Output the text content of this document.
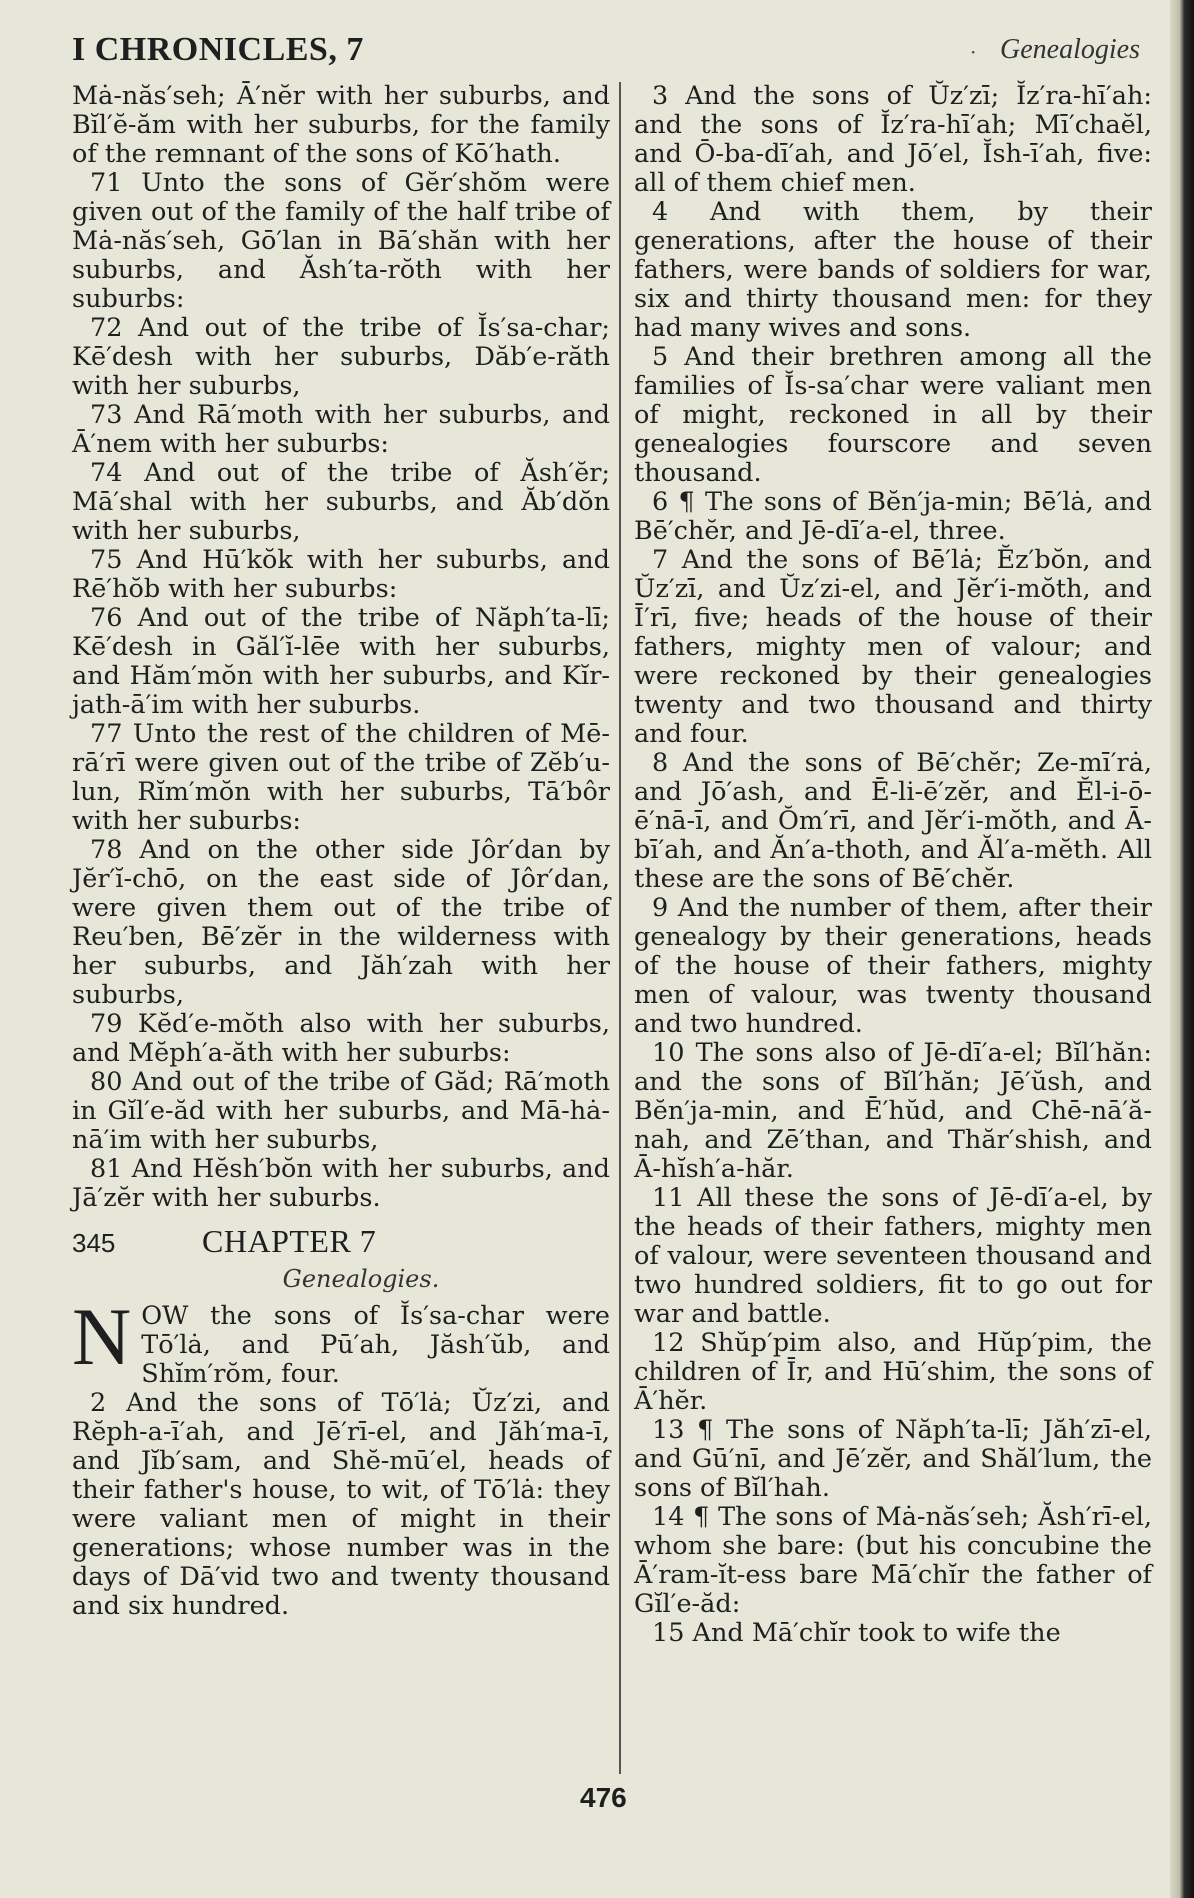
I CHRONICLES, 7	· Genealogies

Mȧ-năs′seh; Ā′nĕr with her suburbs, and Bĭl′ĕ-ăm with her suburbs, for the family of the remnant of the sons of Kō′hath.

71 Unto the sons of Gĕr′shŏm were given out of the family of the half tribe of Mȧ-năs′seh, Gō′lan in Bā′shăn with her suburbs, and Ăsh′ta-rŏth with her suburbs:

72 And out of the tribe of Ĭs′sa-char; Kē′desh with her suburbs, Dăb′e-răth with her suburbs,

73 And Rā′moth with her suburbs, and Ā′nem with her suburbs:

74 And out of the tribe of Ăsh′ĕr; Mā′shal with her suburbs, and Ăb′dŏn with her suburbs,

75 And Hū′kŏk with her suburbs, and Rē′hŏb with her suburbs:

76 And out of the tribe of Năph′ta-lī; Kē′desh in Găl′ĭ-lēe with her suburbs, and Hăm′mŏn with her suburbs, and Kĭr-jath-ā′im with her suburbs.

77 Unto the rest of the children of Mē-rā′rī were given out of the tribe of Zĕb′u-lun, Rĭm′mŏn with her suburbs, Tā′bôr with her suburbs:

78 And on the other side Jôr′dan by Jĕr′ĭ-chō, on the east side of Jôr′dan, were given them out of the tribe of Reu′ben, Bē′zĕr in the wilderness with her suburbs, and Jăh′zah with her suburbs,

79 Kĕd′e-mŏth also with her suburbs, and Mĕph′a-ăth with her suburbs:

80 And out of the tribe of Găd; Rā′moth in Gĭl′e-ăd with her suburbs, and Mā-hȧ-nā′im with her suburbs,

81 And Hĕsh′bŏn with her suburbs, and Jā′zĕr with her suburbs.

345	CHAPTER 7
Genealogies.

NOW the sons of Ĭs′sa-char were Tō′lȧ, and Pū′ah, Jăsh′ŭb, and Shĭm′rŏm, four.

2 And the sons of Tō′lȧ; Ŭz′zi, and Rĕph-a-ī′ah, and Jē′rī-el, and Jăh′ma-ī, and Jĭb′sam, and Shĕ-mū′el, heads of their father's house, to wit, of Tō′lȧ: they were valiant men of might in their generations; whose number was in the days of Dā′vid two and twenty thousand and six hundred.

3 And the sons of Ŭz′zī; Ĭz′ra-hī′ah: and the sons of Ĭz′ra-hī′ah; Mī′chaĕl, and Ō-ba-dī′ah, and Jō′el, Ĭsh-ī′ah, five: all of them chief men.

4 And with them, by their generations, after the house of their fathers, were bands of soldiers for war, six and thirty thousand men: for they had many wives and sons.

5 And their brethren among all the families of Ĭs-sa′char were valiant men of might, reckoned in all by their genealogies fourscore and seven thousand.

6 ¶ The sons of Bĕn′ja-min; Bē′lȧ, and Bē′chĕr, and Jē-dī′a-el, three.

7 And the sons of Bē′lȧ; Ĕz′bŏn, and Ŭz′zī, and Ŭz′zi-el, and Jĕr′i-mŏth, and Ī′rī, five; heads of the house of their fathers, mighty men of valour; and were reckoned by their genealogies twenty and two thousand and thirty and four.

8 And the sons of Bē′chĕr; Ze-mī′rȧ, and Jō′ash, and Ē-li-ē′zĕr, and Ĕl-i-ō-ē′nā-ī, and Ŏm′rī, and Jĕr′i-mŏth, and Ā-bī′ah, and Ăn′a-thoth, and Ăl′a-mĕth. All these are the sons of Bē′chĕr.

9 And the number of them, after their genealogy by their generations, heads of the house of their fathers, mighty men of valour, was twenty thousand and two hundred.

10 The sons also of Jē-dī′a-el; Bĭl′hăn: and the sons of Bĭl′hăn; Jē′ŭsh, and Bĕn′ja-min, and Ē′hŭd, and Chē-nā′ă-nah, and Zē′than, and Thăr′shish, and Ā-hĭsh′a-hăr.

11 All these the sons of Jē-dī′a-el, by the heads of their fathers, mighty men of valour, were seventeen thousand and two hundred soldiers, fit to go out for war and battle.

12 Shŭp′pim also, and Hŭp′pim, the children of Īr, and Hū′shim, the sons of Ā′hĕr.

13 ¶ The sons of Năph′ta-lī; Jăh′zī-el, and Gū′nī, and Jē′zĕr, and Shăl′lum, the sons of Bĭl′hah.

14 ¶ The sons of Mȧ-năs′seh; Ăsh′rī-el, whom she bare: (but his concubine the Ā′ram-ĭt-ess bare Mā′chĭr the father of Gĭl′e-ăd:

15 And Mā′chĭr took to wife the

476
